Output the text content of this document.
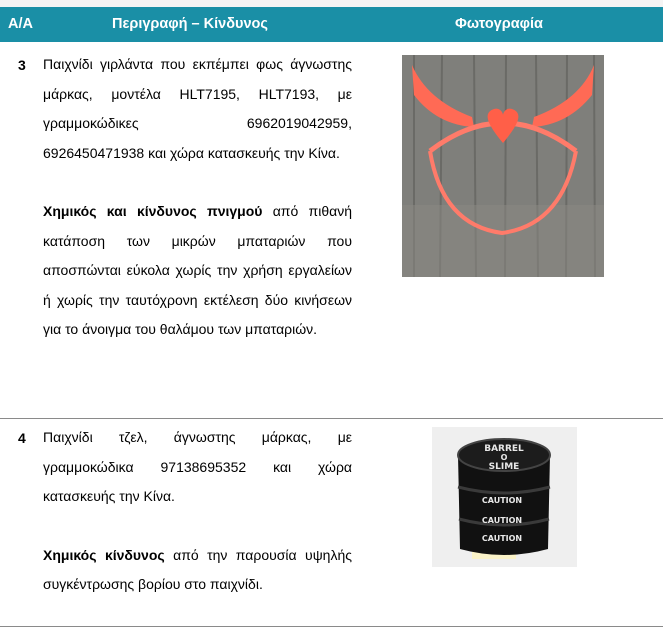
Α/Α	Περιγραφή – Κίνδυνος	Φωτογραφία
3 Παιχνίδι γιρλάντα που εκπέμπει φως άγνωστης μάρκας, μοντέλα HLT7195, HLT7193, με γραμμοκώδικες 6962019042959, 6926450471938 και χώρα κατασκευής την Κίνα.

Χημικός και κίνδυνος πνιγμού από πιθανή κατάποση των μικρών μπαταριών που αποσπώνται εύκολα χωρίς την χρήση εργαλείων ή χωρίς την ταυτόχρονη εκτέλεση δύο κινήσεων για το άνοιγμα του θαλάμου των μπαταριών.

4 Παιχνίδι τζελ, άγνωστης μάρκας, με γραμμοκώδικα 97138695352 και χώρα κατασκευής την Κίνα.

Χημικός κίνδυνος από την παρουσία υψηλής συγκέντρωσης βορίου στο παιχνίδι.

BARREL
O
SLIME
CAUTION
CAUTION
CAUTION
